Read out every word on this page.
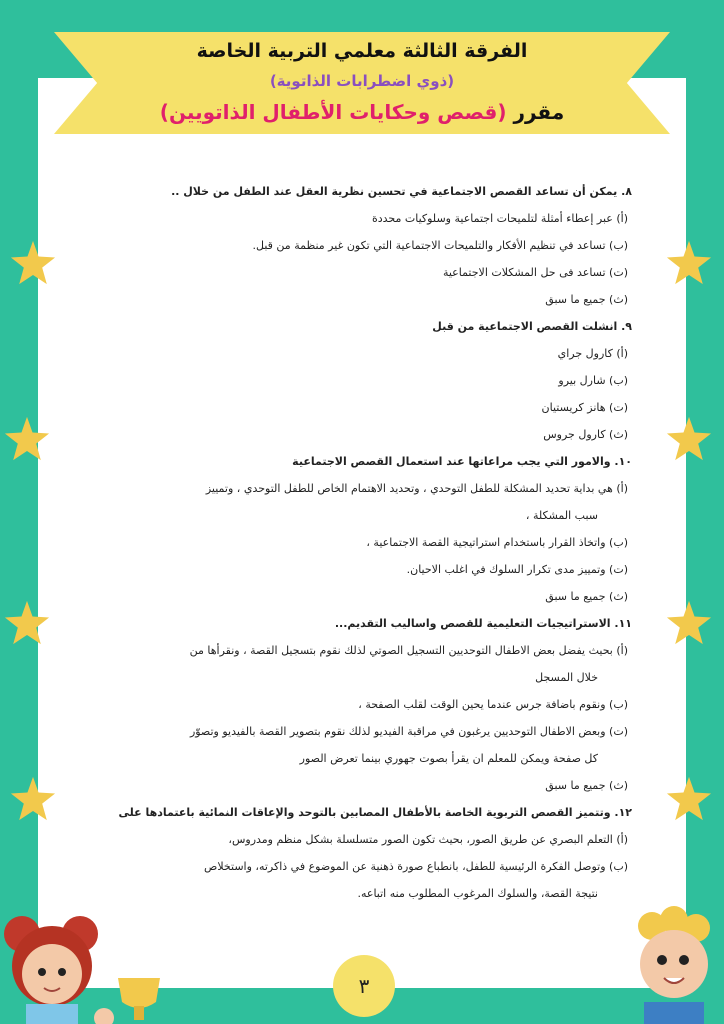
الفرقة الثالثة معلمي التربية الخاصة
(ذوي اضطرابات الذاتوية)
مقرر (قصص وحكايات الأطفال الذاتويين)
٨. يمكن أن تساعد القصص الاجتماعية في تحسين نظرية العقل عند الطفل من خلال ..
(أ) عبر إعطاء أمثلة لتلميحات اجتماعية وسلوكيات محددة
(ب) تساعد في تنظيم الأفكار والتلميحات الاجتماعية التي تكون غير منظمة من قبل.
(ت) تساعد فى حل المشكلات الاجتماعية
(ث) جميع ما سبق
٩. انشلت القصص الاجتماعية من قبل
(أ) كارول جراي
(ب) شارل بيرو
(ت) هانز كريستيان
(ث) كارول جروس
١٠. والامور التي يجب مراعاتها عند استعمال القصص الاجتماعية
(أ) هي بداية تحديد المشكلة للطفل التوحدي ، وتحديد الاهتمام الخاص للطفل التوحدي ، وتمييز
سبب المشكلة ،
(ب) واتخاذ القرار باستخدام استراتيجية القصة الاجتماعية ،
(ت) وتمييز مدى تكرار السلوك في اغلب الاحيان.
(ث) جميع ما سبق
١١. الاستراتيجيات التعليمية للقصص واساليب التقديم...
(أ) بحيث يفضل بعض الاطفال التوحديين التسجيل الصوتي لذلك نقوم بتسجيل القصة ، ونقرأها من
خلال المسجل
(ب) ونقوم باضافة جرس عندما يحين الوقت لقلب الصفحة ،
(ت) وبعض الاطفال التوحديين يرغبون في مراقبة الفيديو لذلك نقوم بتصوير القصة بالفيديو وتصوّر
كل صفحة ويمكن للمعلم ان يقرأ بصوت جهوري بينما تعرض الصور
(ث) جميع ما سبق
١٢. وتتميز القصص التربوية الخاصة بالأطفال المصابين بالتوحد والإعاقات النمائية باعتمادها على
(أ) التعلم البصري عن طريق الصور، بحيث تكون الصور متسلسلة بشكل منظم ومدروس،
(ب) وتوصل الفكرة الرئيسية للطفل، بانطباع صورة ذهنية عن الموضوع في ذاكرته، واستخلاص
نتيجة القصة، والسلوك المرغوب المطلوب منه اتباعه.
٣
